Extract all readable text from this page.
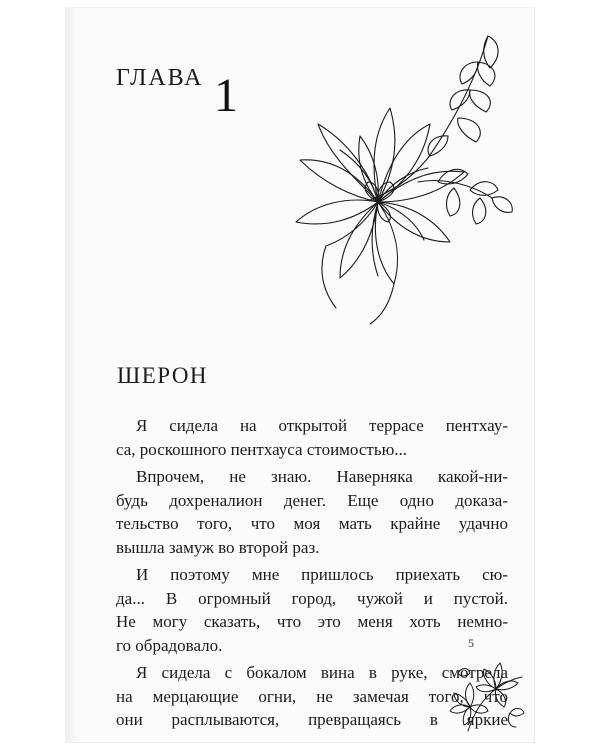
ГЛАВА 1
ШЕРОН

Я сидела на открытой террасе пентхау-
са, роскошного пентхауса стоимостью...

Впрочем, не знаю. Наверняка какой-ни-
будь дохреналион денег. Еще одно доказа-
тельство того, что моя мать крайне удачно
вышла замуж во второй раз.

И поэтому мне пришлось приехать сю-
да... В огромный город, чужой и пустой.
Не могу сказать, что это меня хоть немно-
го обрадовало.

Я сидела с бокалом вина в руке, смотрела
на мерцающие огни, не замечая того, что
они расплываются, превращаясь в яркие

5
